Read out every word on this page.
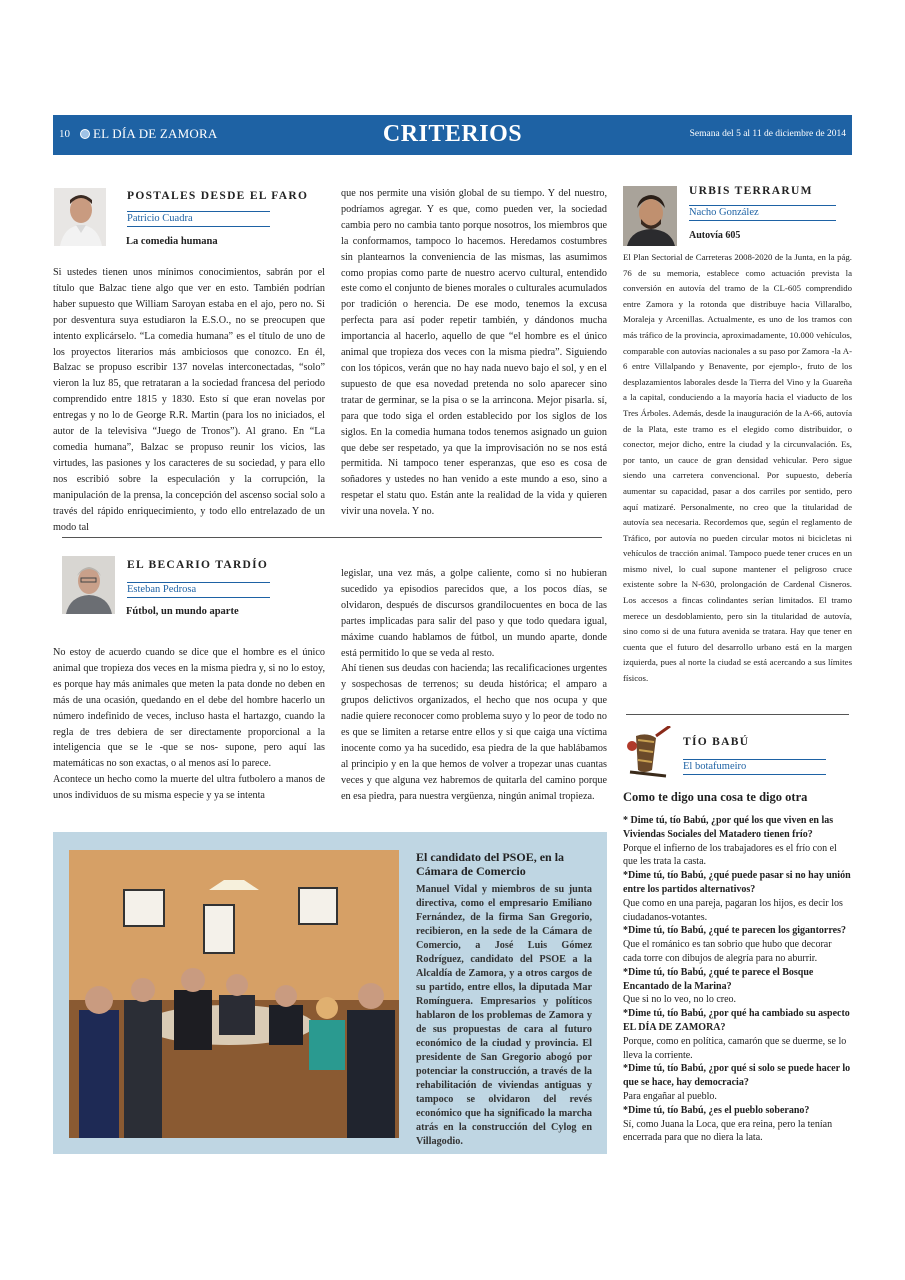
10 EL DÍA DE ZAMORA	CRITERIOS	Semana del 5 al 11 de diciembre de 2014
POSTALES DESDE EL FARO
Patricio Cuadra
La comedia humana

Si ustedes tienen unos mínimos conocimientos, sabrán por el título que Balzac tiene algo que ver en esto. También podrían haber supuesto que William Saroyan estaba en el ajo, pero no. Si por desventura suya estudiaron la E.S.O., no se preocupen que intento explicárselo. “La comedia humana” es el título de uno de los proyectos literarios más ambiciosos que conozco. En él, Balzac se propuso escribir 137 novelas interconectadas, “solo” vieron la luz 85, que retrataran a la sociedad francesa del periodo comprendido entre 1815 y 1830. Esto sí que eran novelas por entregas y no lo de George R.R. Martin (para los no iniciados, el autor de la televisiva “Juego de Tronos”). Al grano. En “La comedia humana”, Balzac se propuso reunir los vicios, las virtudes, las pasiones y los caracteres de su sociedad, y para ello nos escribió sobre la especulación y la corrupción, la manipulación de la prensa, la concepción del ascenso social solo a través del rápido enriquecimiento, y todo ello entrelazado de un modo tal

que nos permite una visión global de su tiempo. Y del nuestro, podríamos agregar. Y es que, como pueden ver, la sociedad cambia pero no cambia tanto porque nosotros, los miembros que la conformamos, tampoco lo hacemos. Heredamos costumbres sin plantearnos la conveniencia de las mismas, las asumimos como propias como parte de nuestro acervo cultural, entendido este como el conjunto de bienes morales o culturales acumulados por tradición o herencia. De ese modo, tenemos la excusa perfecta para así poder repetir también, y dándonos mucha importancia al hacerlo, aquello de que “el hombre es el único animal que tropieza dos veces con la misma piedra”. Siguiendo con los tópicos, verán que no hay nada nuevo bajo el sol, y en el supuesto de que esa novedad pretenda no solo aparecer sino tratar de germinar, se la pisa o se la arrincona. Mejor pisarla. sí, para que todo siga el orden establecido por los siglos de los siglos. En la comedia humana todos tenemos asignado un guion que debe ser respetado, ya que la improvisación no se nos está permitida. Ni tampoco tener esperanzas, que eso es cosa de soñadores y ustedes no han venido a este mundo a eso, sino a respetar el statu quo. Están ante la realidad de la vida y quieren vivir una novela. Y no.

EL BECARIO TARDÍO
Esteban Pedrosa
Fútbol, un mundo aparte

No estoy de acuerdo cuando se dice que el hombre es el único animal que tropieza dos veces en la misma piedra y, si no lo estoy, es porque hay más animales que meten la pata donde no deben en más de una ocasión, quedando en el debe del hombre hacerlo un número indefinido de veces, incluso hasta el hartazgo, cuando la regla de tres debiera de ser directamente proporcional a la inteligencia que se le -que se nos- supone, pero aquí las matemáticas no son exactas, o al menos así lo parece.

Acontece un hecho como la muerte del ultra futbolero a manos de unos individuos de su misma especie y ya se intenta

legislar, una vez más, a golpe caliente, como si no hubieran sucedido ya episodios parecidos que, a los pocos días, se olvidaron, después de discursos grandilocuentes en boca de las partes implicadas para salir del paso y que todo quedara igual, máxime cuando hablamos de fútbol, un mundo aparte, donde está permitido lo que se veda al resto.

Ahí tienen sus deudas con hacienda; las recalificaciones urgentes y sospechosas de terrenos; su deuda histórica; el amparo a grupos delictivos organizados, el hecho que nos ocupa y que nadie quiere reconocer como problema suyo y lo peor de todo no es que se limiten a retarse entre ellos y si que caiga una víctima inocente como ya ha sucedido, esa piedra de la que hablábamos al principio y en la que hemos de volver a tropezar unas cuantas veces y que alguna vez habremos de quitarla del camino porque en esa piedra, para nuestra vergüenza, ningún animal tropieza.

El candidato del PSOE, en la Cámara de Comercio
Manuel Vidal y miembros de su junta directiva, como el empresario Emiliano Fernández, de la firma San Gregorio, recibieron, en la sede de la Cámara de Comercio, a José Luis Gómez Rodríguez, candidato del PSOE a la Alcaldía de Zamora, y a otros cargos de su partido, entre ellos, la diputada Mar Romínguera. Empresarios y políticos hablaron de los problemas de Zamora y de sus propuestas de cara al futuro económico de la ciudad y provincia. El presidente de San Gregorio abogó por potenciar la construcción, a través de la rehabilitación de viviendas antiguas y tampoco se olvidaron del revés económico que ha significado la marcha atrás en la construcción del Cylog en Villagodio.
URBIS TERRARUM
Nacho González
Autovía 605
El Plan Sectorial de Carreteras 2008-2020 de la Junta, en la pág. 76 de su memoria, establece como actuación prevista la conversión en autovía del tramo de la CL-605 comprendido entre Zamora y la rotonda que distribuye hacia Villaralbo, Moraleja y Arcenillas. Actualmente, es uno de los tramos con más tráfico de la provincia, aproximadamente, 10.000 vehículos, comparable con autovías nacionales a su paso por Zamora -la A-6 entre Villalpando y Benavente, por ejemplo-, fruto de los desplazamientos laborales desde la Tierra del Vino y la Guareña a la capital, conduciendo a la mayoría hacia el viaducto de los Tres Árboles. Además, desde la inauguración de la A-66, autovía de la Plata, este tramo es el elegido como distribuidor, o conector, mejor dicho, entre la ciudad y la circunvalación. Es, por tanto, un cauce de gran densidad vehicular. Pero sigue siendo una carretera convencional. Por supuesto, debería aumentar su capacidad, pasar a dos carriles por sentido, pero aquí matizaré. Personalmente, no creo que la titularidad de autovía sea necesaria. Recordemos que, según el reglamento de Tráfico, por autovía no pueden circular motos ni bicicletas ni vehículos de tracción animal. Tampoco puede tener cruces en un mismo nivel, lo cual supone mantener el peligroso cruce existente sobre la N-630, prolongación de Cardenal Cisneros. Los accesos a fincas colindantes serían limitados. El tramo merece un desdoblamiento, pero sin la titularidad de autovía, sino como si de una futura avenida se tratara. Hay que tener en cuenta que el futuro del desarrollo urbano está en la margen izquierda, pues al norte la ciudad se está acercando a sus límites físicos.
TÍO BABÚ
El botafumeiro
Como te digo una cosa te digo otra
* Dime tú, tío Babú, ¿por qué los que viven en las Viviendas Sociales del Matadero tienen frío?
Porque el infierno de los trabajadores es el frío con el que les trata la casta.
*Dime tú, tío Babú, ¿qué puede pasar si no hay unión entre los partidos alternativos?
Que como en una pareja, pagaran los hijos, es decir los ciudadanos-votantes.
*Dime tú, tío Babú, ¿qué te parecen los gigantorres?
Que el románico es tan sobrio que hubo que decorar cada torre con dibujos de alegría para no aburrir.
*Dime tú, tío Babú, ¿qué te parece el Bosque Encantado de la Marina?
Que si no lo veo, no lo creo.
*Dime tú, tío Babú, ¿por qué ha cambiado su aspecto EL DÍA DE ZAMORA?
Porque, como en política, camarón que se duerme, se lo lleva la corriente.
*Dime tú, tío Babú, ¿por qué si solo se puede hacer lo que se hace, hay democracia?
Para engañar al pueblo.
*Dime tú, tío Babú, ¿es el pueblo soberano?
Sí, como Juana la Loca, que era reina, pero la tenían encerrada para que no diera la lata.
